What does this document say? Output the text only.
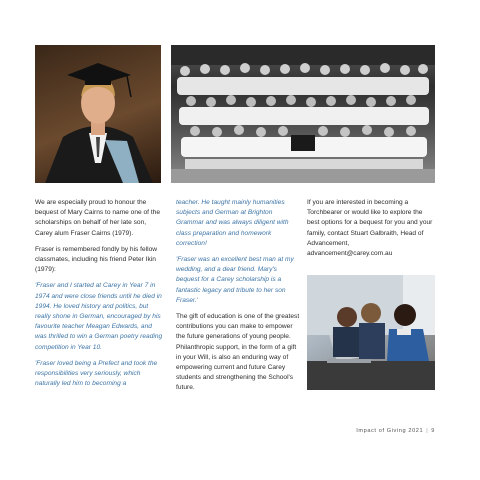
We are especially proud to honour the bequest of Mary Cairns to name one of the scholarships on behalf of her late son, Carey alum Fraser Cairns (1979).

Fraser is remembered fondly by his fellow classmates, including his friend Peter Ikin (1979):

'Fraser and I started at Carey in Year 7 in 1974 and were close friends until he died in 1994. He loved history and politics, but really shone in German, encouraged by his favourite teacher Meagan Edwards, and was thrilled to win a German poetry reading competition in Year 10.

'Fraser loved being a Prefect and took the responsibilities very seriously, which naturally led him to becoming a

teacher. He taught mainly humanities subjects and German at Brighton Grammar and was always diligent with class preparation and homework correction!

'Fraser was an excellent best man at my wedding, and a dear friend. Mary's bequest for a Carey scholarship is a fantastic legacy and tribute to her son Fraser.'

The gift of education is one of the greatest contributions you can make to empower the future generations of young people. Philanthropic support, in the form of a gift in your Will, is also an enduring way of empowering current and future Carey students and strengthening the School's future.

If you are interested in becoming a Torchbearer or would like to explore the best options for a bequest for you and your family, contact Stuart Galbraith, Head of Advancement, advancement@carey.com.au

Impact of Giving 2021 | 9
